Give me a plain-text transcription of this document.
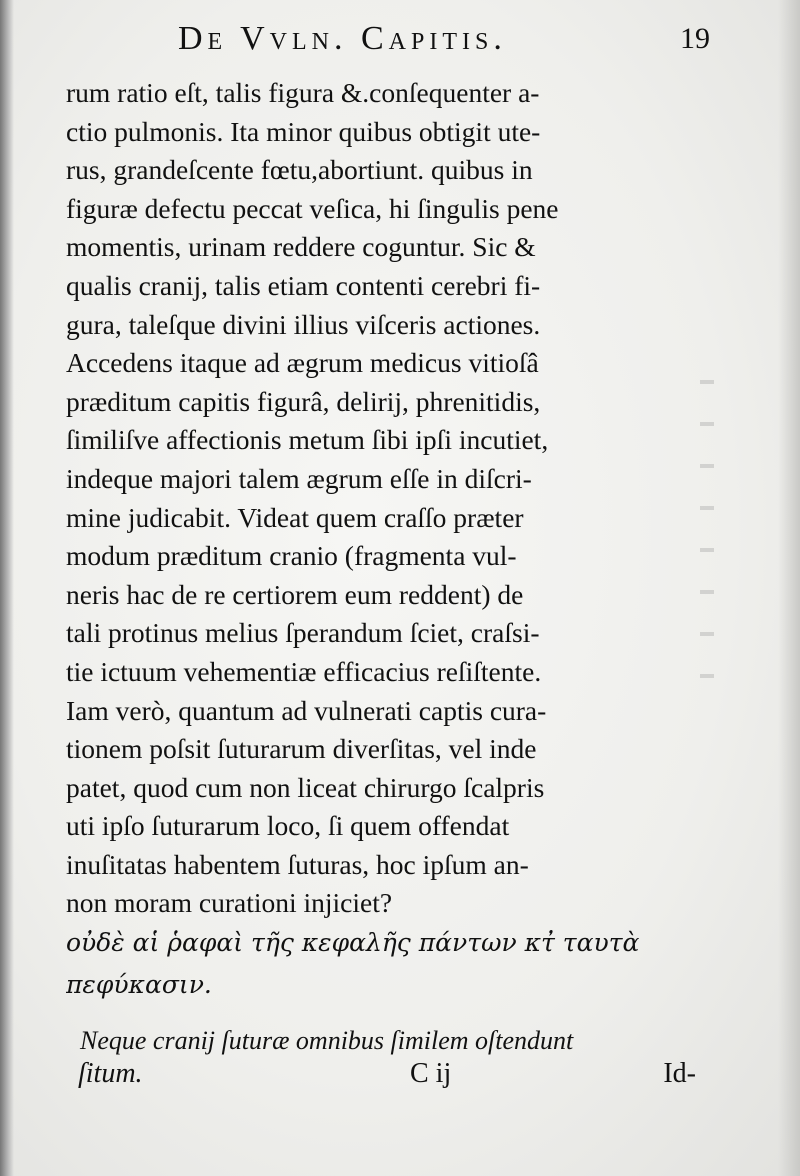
De Vvln. Capitis.	19
rum ratio eſt, talis figura &.conſequenter a-
ctio pulmonis. Ita minor quibus obtigit ute-
rus, grandeſcente fœtu,abortiunt. quibus in
figuræ defectu peccat veſica, hi ſingulis pene
momentis, urinam reddere coguntur. Sic &
qualis cranij, talis etiam contenti cerebri fi-
gura, taleſque divini illius viſceris actiones.
Accedens itaque ad ægrum medicus vitioſâ
præditum capitis figurâ, delirij, phrenitidis,
ſimiliſve affectionis metum ſibi ipſi incutiet,
indeque majori talem ægrum eſſe in diſcri-
mine judicabit. Videat quem craſſo præter
modum præditum cranio (fragmenta vul-
neris hac de re certiorem eum reddent) de
tali protinus melius ſperandum ſciet, craſsi-
tie ictuum vehementiæ efficacius reſiſtente.
Iam verò, quantum ad vulnerati captis cura-
tionem poſsit ſuturarum diverſitas, vel inde
patet, quod cum non liceat chirurgo ſcalpris
uti ipſo ſuturarum loco, ſi quem offendat
inuſitatas habentem ſuturas, hoc ipſum an-
non moram curationi injiciet?
οὐδὲ αἱ ῥαφαὶ τῆς κεφαλῆς πάντων κτ̓ ταυτὰ
πεφύκασιν.
Neque cranij ſuturæ omnibus ſimilem oſtendunt
ſitum.	C ij	Id-
